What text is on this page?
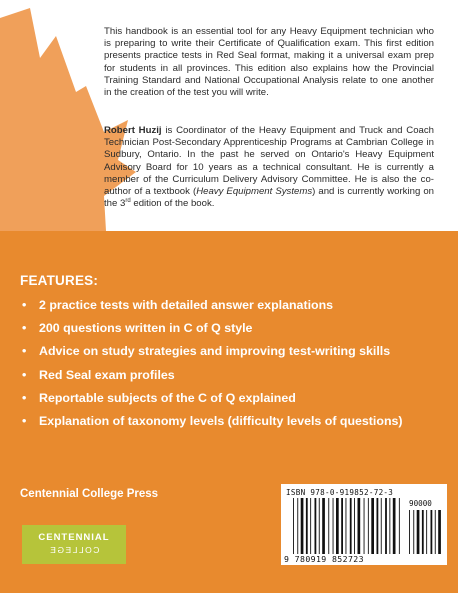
This handbook is an essential tool for any Heavy Equipment technician who is preparing to write their Certificate of Qualification exam. This first edition presents practice tests in Red Seal format, making it a universal exam prep for students in all provinces. This edition also explains how the Provincial Training Standard and National Occupational Analysis relate to one another in the creation of the test you will write.

Robert Huzij is Coordinator of the Heavy Equipment and Truck and Coach Technician Post-Secondary Apprenticeship Programs at Cambrian College in Sudbury, Ontario. In the past he served on Ontario's Heavy Equipment Advisory Board for 10 years as a technical consultant. He is currently a member of the Curriculum Delivery Advisory Committee. He is also the co-author of a textbook (Heavy Equipment Systems) and is currently working on the 3rd edition of the book.

FEATURES:
• 2 practice tests with detailed answer explanations
• 200 questions written in C of Q style
• Advice on study strategies and improving test-writing skills
• Red Seal exam profiles
• Reportable subjects of the C of Q explained
• Explanation of taxonomy levels (difficulty levels of questions)
Centennial College Press
CENTENNIAL
COLLEGE
ISBN 978-0-919852-72-3
90000
9 780919 852723
